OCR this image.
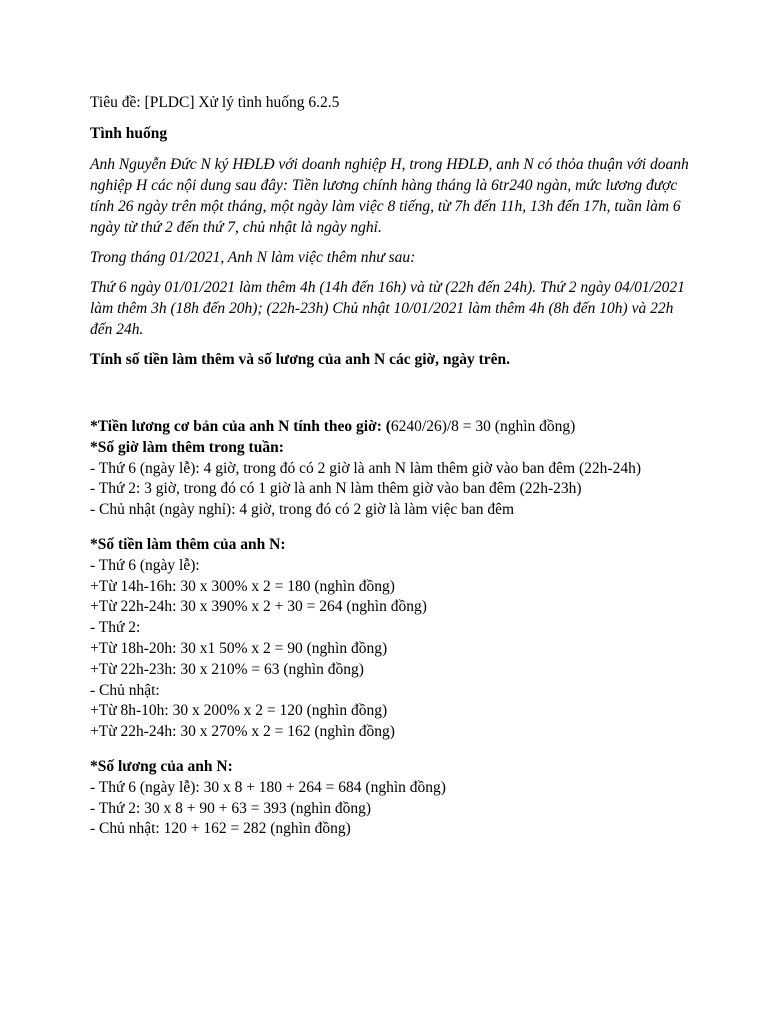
Tiêu đề: [PLDC] Xử lý tình huống 6.2.5

Tình huống

Anh Nguyễn Đức N ký HĐLĐ với doanh nghiệp H, trong HĐLĐ, anh N có thỏa thuận với doanh nghiệp H các nội dung sau đây: Tiền lương chính hàng tháng là 6tr240 ngàn, mức lương được tính 26 ngày trên một tháng, một ngày làm việc 8 tiếng, từ 7h đến 11h, 13h đến 17h, tuần làm 6 ngày từ thứ 2 đến thứ 7, chủ nhật là ngày nghỉ.

Trong tháng 01/2021, Anh N làm việc thêm như sau:

Thứ 6 ngày 01/01/2021 làm thêm 4h (14h đến 16h) và từ (22h đến 24h). Thứ 2 ngày 04/01/2021 làm thêm 3h (18h đến 20h); (22h-23h) Chủ nhật 10/01/2021 làm thêm 4h (8h đến 10h) và 22h đến 24h.

Tính số tiền làm thêm và số lương của anh N các giờ, ngày trên.

*Tiền lương cơ bản của anh N tính theo giờ: (6240/26)/8 = 30 (nghìn đồng)
*Số giờ làm thêm trong tuần:
- Thứ 6 (ngày lễ): 4 giờ, trong đó có 2 giờ là anh N làm thêm giờ vào ban đêm (22h-24h)
- Thứ 2: 3 giờ, trong đó có 1 giờ là anh N làm thêm giờ vào ban đêm (22h-23h)
- Chủ nhật (ngày nghỉ): 4 giờ, trong đó có 2 giờ là làm việc ban đêm
*Số tiền làm thêm của anh N:
- Thứ 6 (ngày lễ):
+Từ 14h-16h: 30 x 300% x 2 = 180 (nghìn đồng)
+Từ 22h-24h: 30 x 390% x 2 + 30 = 264 (nghìn đồng)
- Thứ 2:
+Từ 18h-20h: 30 x1 50% x 2 = 90 (nghìn đồng)
+Từ 22h-23h: 30 x 210% = 63 (nghìn đồng)
- Chủ nhật:
+Từ 8h-10h: 30 x 200% x 2 = 120 (nghìn đồng)
+Từ 22h-24h: 30 x 270% x 2 = 162 (nghìn đồng)
*Số lương của anh N:
- Thứ 6 (ngày lễ): 30 x 8 + 180 + 264 = 684 (nghìn đồng)
- Thứ 2: 30 x 8 + 90 + 63 = 393 (nghìn đồng)
- Chủ nhật: 120 + 162 = 282 (nghìn đồng)
